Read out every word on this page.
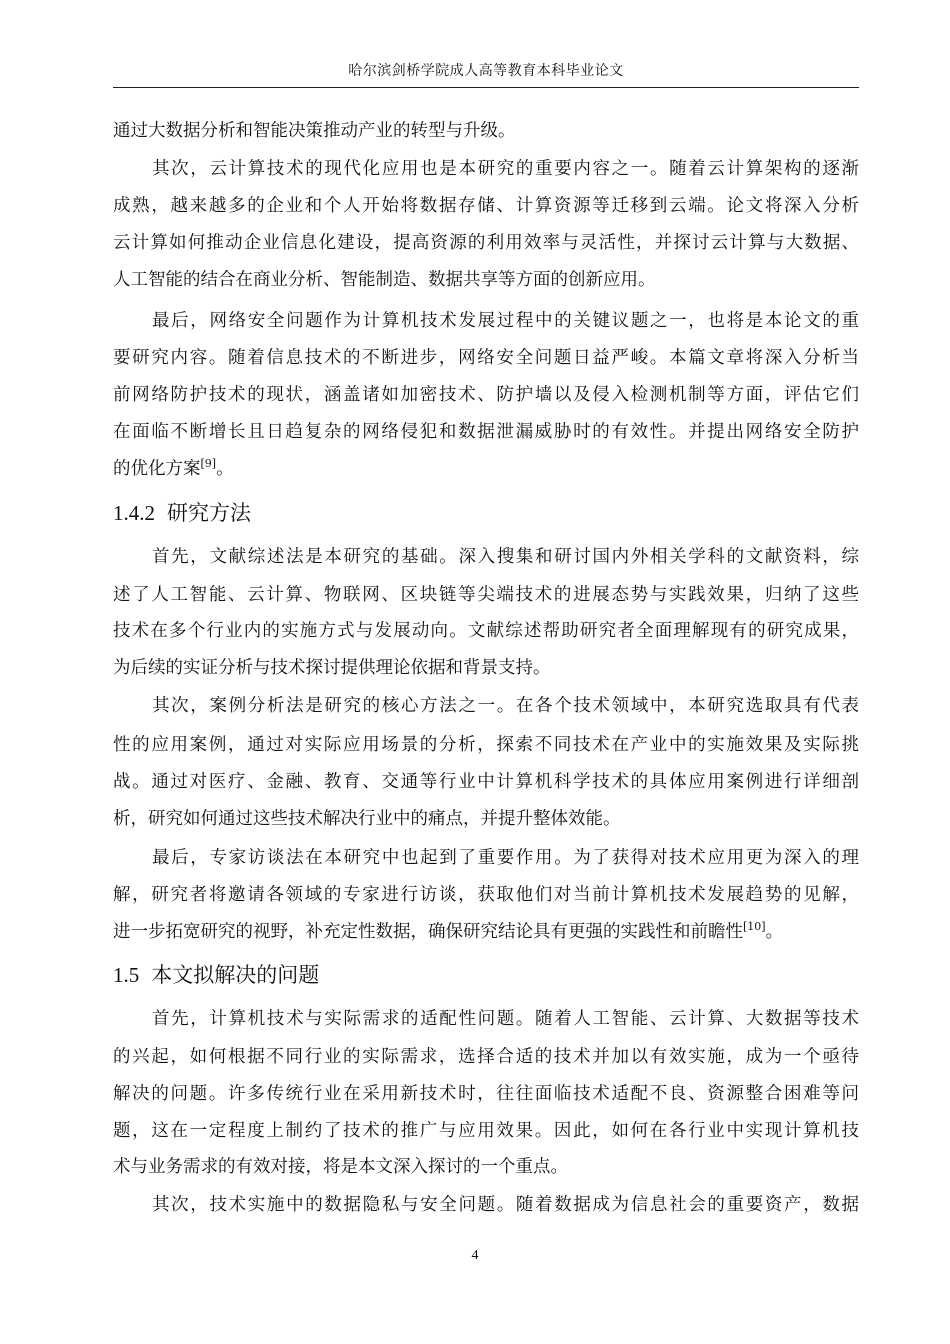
哈尔滨剑桥学院成人高等教育本科毕业论文
通过大数据分析和智能决策推动产业的转型与升级。
其次，云计算技术的现代化应用也是本研究的重要内容之一。随着云计算架构的逐渐
成熟，越来越多的企业和个人开始将数据存储、计算资源等迁移到云端。论文将深入分析
云计算如何推动企业信息化建设，提高资源的利用效率与灵活性，并探讨云计算与大数据、
人工智能的结合在商业分析、智能制造、数据共享等方面的创新应用。
最后，网络安全问题作为计算机技术发展过程中的关键议题之一，也将是本论文的重
要研究内容。随着信息技术的不断进步，网络安全问题日益严峻。本篇文章将深入分析当
前网络防护技术的现状，涵盖诸如加密技术、防护墙以及侵入检测机制等方面，评估它们
在面临不断增长且日趋复杂的网络侵犯和数据泄漏威胁时的有效性。并提出网络安全防护
的优化方案[9]。
1.4.2 研究方法
首先，文献综述法是本研究的基础。深入搜集和研讨国内外相关学科的文献资料，综
述了人工智能、云计算、物联网、区块链等尖端技术的进展态势与实践效果，归纳了这些
技术在多个行业内的实施方式与发展动向。文献综述帮助研究者全面理解现有的研究成果，
为后续的实证分析与技术探讨提供理论依据和背景支持。
其次，案例分析法是研究的核心方法之一。在各个技术领域中，本研究选取具有代表
性的应用案例，通过对实际应用场景的分析，探索不同技术在产业中的实施效果及实际挑
战。通过对医疗、金融、教育、交通等行业中计算机科学技术的具体应用案例进行详细剖
析，研究如何通过这些技术解决行业中的痛点，并提升整体效能。
最后，专家访谈法在本研究中也起到了重要作用。为了获得对技术应用更为深入的理
解，研究者将邀请各领域的专家进行访谈，获取他们对当前计算机技术发展趋势的见解，
进一步拓宽研究的视野，补充定性数据，确保研究结论具有更强的实践性和前瞻性[10]。
1.5 本文拟解决的问题
首先，计算机技术与实际需求的适配性问题。随着人工智能、云计算、大数据等技术
的兴起，如何根据不同行业的实际需求，选择合适的技术并加以有效实施，成为一个亟待
解决的问题。许多传统行业在采用新技术时，往往面临技术适配不良、资源整合困难等问
题，这在一定程度上制约了技术的推广与应用效果。因此，如何在各行业中实现计算机技
术与业务需求的有效对接，将是本文深入探讨的一个重点。
其次，技术实施中的数据隐私与安全问题。随着数据成为信息社会的重要资产，数据
4
